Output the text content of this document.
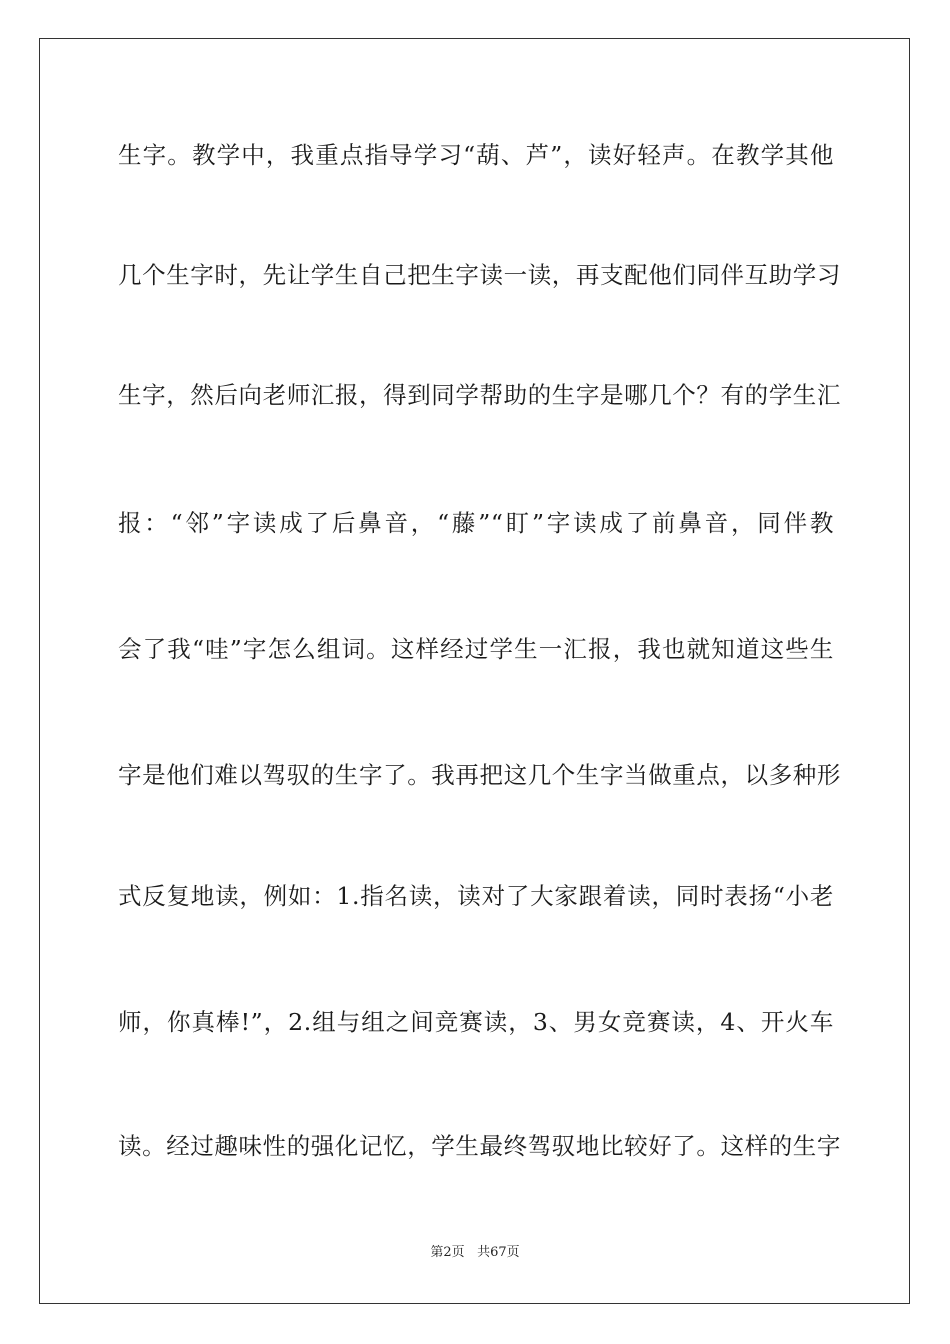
生字。教学中，我重点指导学习“葫、芦”，读好轻声。在教学其他
几个生字时，先让学生自己把生字读一读，再支配他们同伴互助学习
生字，然后向老师汇报，得到同学帮助的生字是哪几个？有的学生汇
报：“邻”字读成了后鼻音，“藤”“盯”字读成了前鼻音，同伴教
会了我“哇”字怎么组词。这样经过学生一汇报，我也就知道这些生
字是他们难以驾驭的生字了。我再把这几个生字当做重点，以多种形
式反复地读，例如：1.指名读，读对了大家跟着读，同时表扬“小老
师，你真棒!”，2.组与组之间竞赛读，3、男女竞赛读，4、开火车
读。经过趣味性的强化记忆，学生最终驾驭地比较好了。这样的生字
第2页 共67页
